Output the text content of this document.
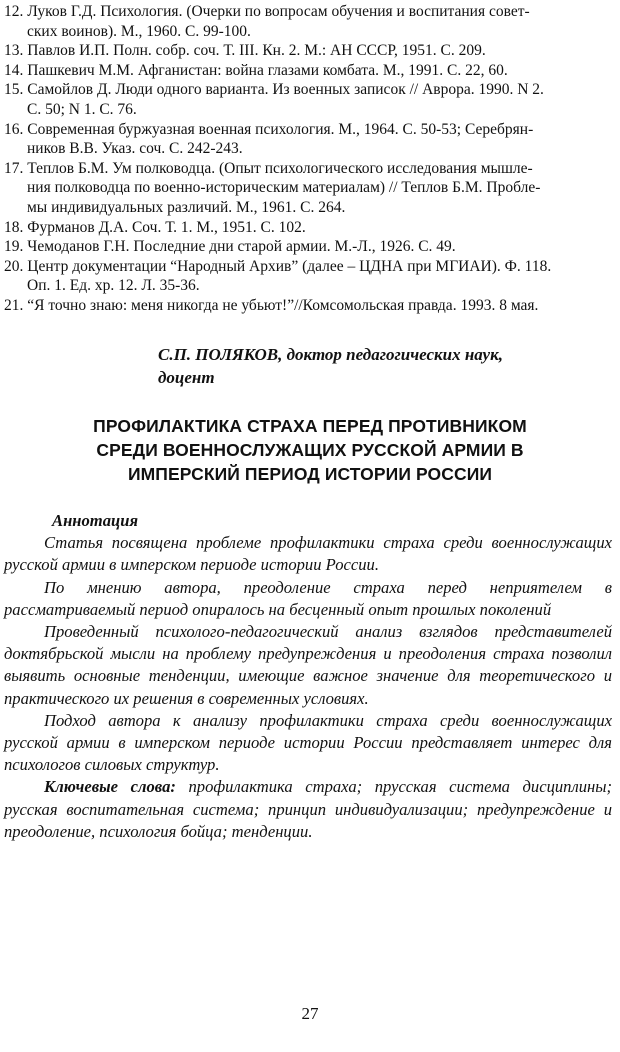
12. Луков Г.Д. Психология. (Очерки по вопросам обучения и воспитания совет-
ских воинов). М., 1960. С. 99-100.
13. Павлов И.П. Полн. собр. соч. Т. III. Кн. 2. М.: АН СССР, 1951. С. 209.
14. Пашкевич М.М. Афганистан: война глазами комбата. М., 1991. С. 22, 60.
15. Самойлов Д. Люди одного варианта. Из военных записок // Аврора. 1990. N 2.
С. 50; N 1. С. 76.
16. Современная буржуазная военная психология. М., 1964. С. 50-53; Серебрян-
ников В.В. Указ. соч. С. 242-243.
17. Теплов Б.М. Ум полководца. (Опыт психологического исследования мышле-
ния полководца по военно-историческим материалам) // Теплов Б.М. Пробле-
мы индивидуальных различий. М., 1961. С. 264.
18. Фурманов Д.А. Соч. Т. 1. М., 1951. С. 102.
19. Чемоданов Г.Н. Последние дни старой армии. М.-Л., 1926. С. 49.
20. Центр документации “Народный Архив” (далее – ЦДНА при МГИАИ). Ф. 118.
Оп. 1. Ед. хр. 12. Л. 35-36.
21. “Я точно знаю: меня никогда не убьют!”//Комсомольская правда. 1993. 8 мая.
С.П. ПОЛЯКОВ, доктор педагогических наук,
доцент
ПРОФИЛАКТИКА СТРАХА ПЕРЕД ПРОТИВНИКОМ
СРЕДИ ВОЕННОСЛУЖАЩИХ РУССКОЙ АРМИИ В
ИМПЕРСКИЙ ПЕРИОД ИСТОРИИ РОССИИ
Аннотация

Статья посвящена проблеме профилактики страха среди военнослужащих русской армии в имперском периоде истории России.

По мнению автора, преодоление страха перед неприятелем в рассматриваемый период опиралось на бесценный опыт прошлых поколений

Проведенный психолого-педагогический анализ взглядов представителей доктябрьской мысли на проблему предупреждения и преодоления страха позволил выявить основные тенденции, имеющие важное значение для теоретического и практического их решения в современных условиях.

Подход автора к анализу профилактики страха среди военнослужащих русской армии в имперском периоде истории России представляет интерес для психологов силовых структур.

Ключевые слова: профилактика страха; прусская система дисциплины; русская воспитательная система; принцип индивидуализации; предупреждение и преодоление, психология бойца; тенденции.

27
